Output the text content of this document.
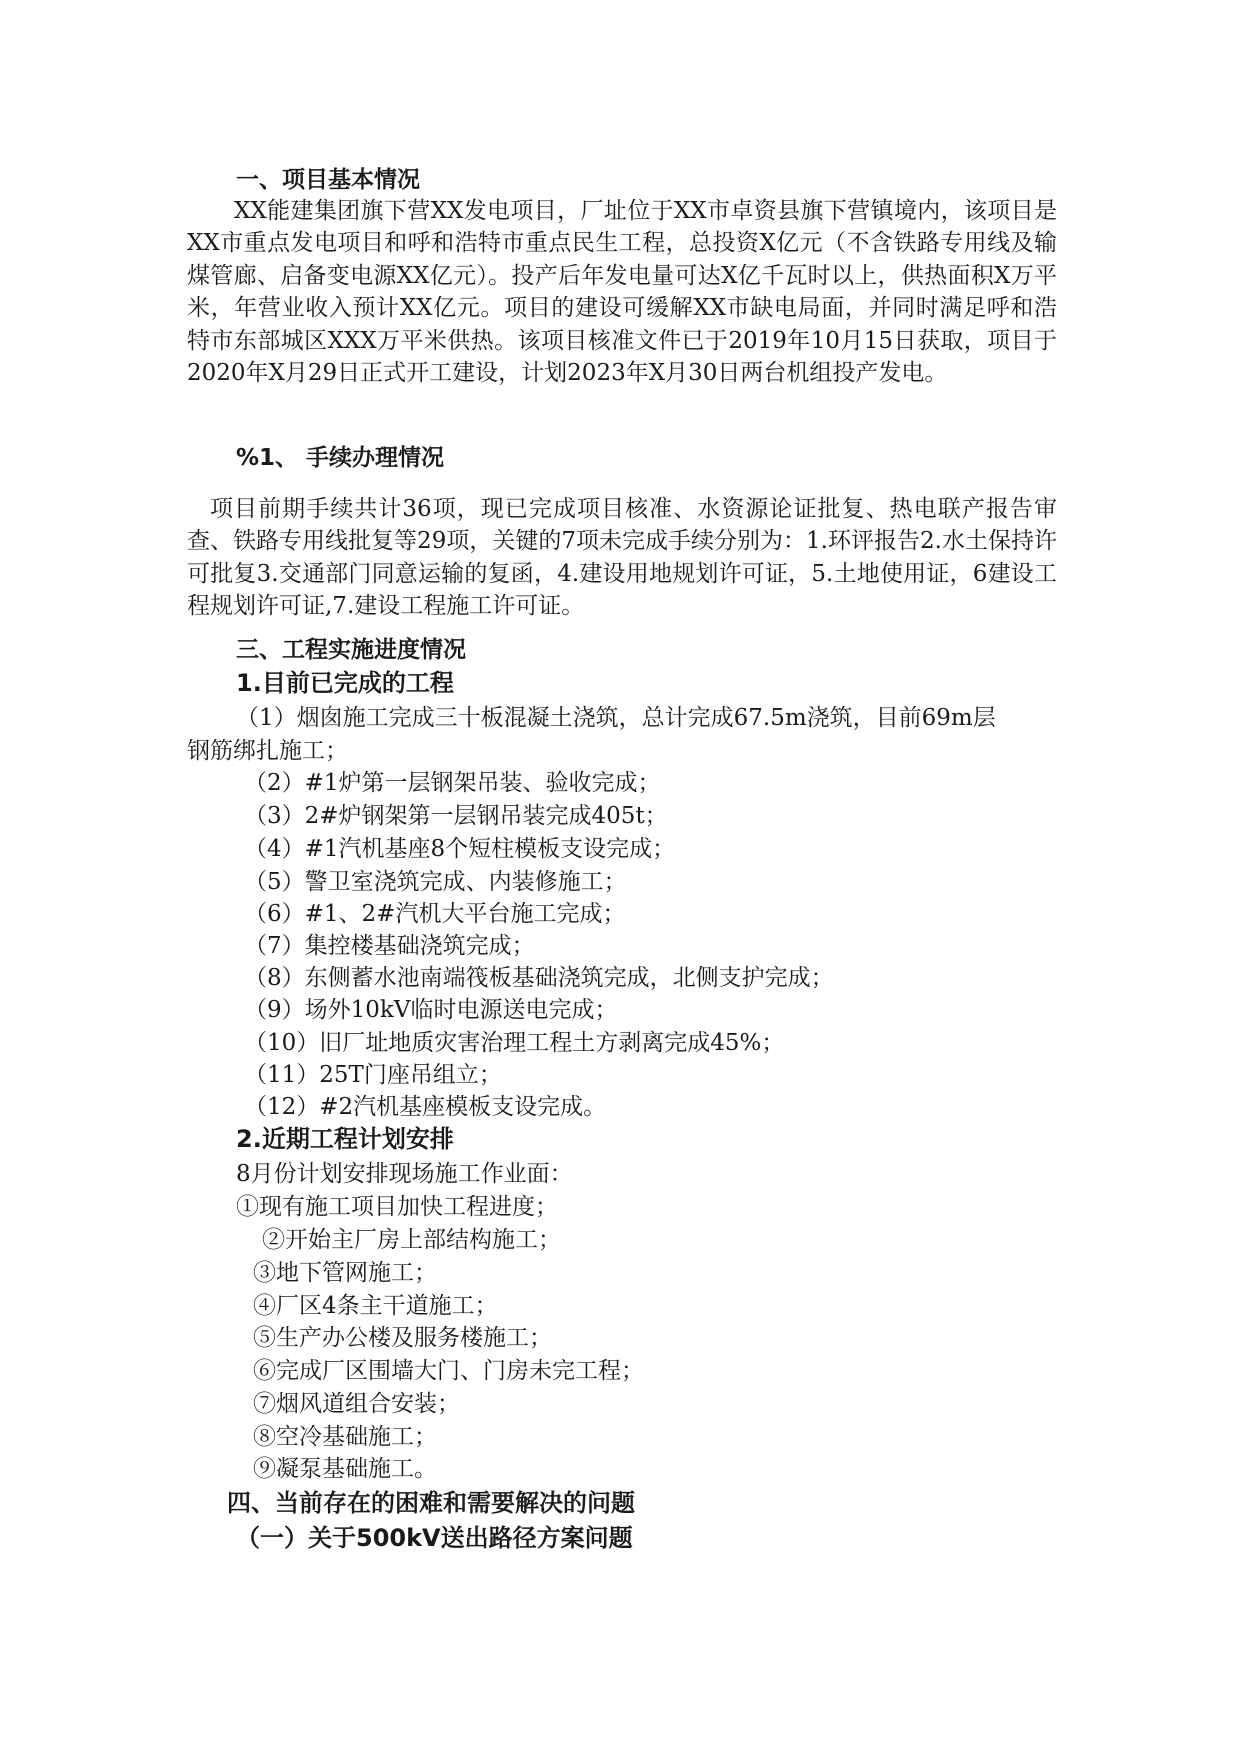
一、项目基本情况
XX能建集团旗下营XX发电项目，厂址位于XX市卓资县旗下营镇境内，该项目是XX市重点发电项目和呼和浩特市重点民生工程，总投资X亿元（不含铁路专用线及输煤管廊、启备变电源XX亿元）。投产后年发电量可达X亿千瓦时以上，供热面积X万平米，年营业收入预计XX亿元。项目的建设可缓解XX市缺电局面，并同时满足呼和浩特市东部城区XXX万平米供热。该项目核准文件已于2019年10月15日获取，项目于2020年X月29日正式开工建设，计划2023年X月30日两台机组投产发电。
%1、 手续办理情况
项目前期手续共计36项，现已完成项目核准、水资源论证批复、热电联产报告审查、铁路专用线批复等29项，关键的7项未完成手续分别为：1.环评报告2.水土保持许可批复3.交通部门同意运输的复函，4.建设用地规划许可证，5.土地使用证，6建设工程规划许可证,7.建设工程施工许可证。
三、工程实施进度情况
1.目前已完成的工程
（1）烟囱施工完成三十板混凝土浇筑，总计完成67.5m浇筑，目前69m层
钢筋绑扎施工；
（2）#1炉第一层钢架吊装、验收完成；
（3）2#炉钢架第一层钢吊装完成405t；
（4）#1汽机基座8个短柱模板支设完成；
（5）警卫室浇筑完成、内装修施工；
（6）#1、2#汽机大平台施工完成；
（7）集控楼基础浇筑完成；
（8）东侧蓄水池南端筏板基础浇筑完成，北侧支护完成；
（9）场外10kV临时电源送电完成；
（10）旧厂址地质灾害治理工程土方剥离完成45%；
（11）25T门座吊组立；
（12）#2汽机基座模板支设完成。
2.近期工程计划安排
8月份计划安排现场施工作业面：
①现有施工项目加快工程进度；
②开始主厂房上部结构施工；
③地下管网施工；
④厂区4条主干道施工；
⑤生产办公楼及服务楼施工；
⑥完成厂区围墙大门、门房未完工程；
⑦烟风道组合安装；
⑧空冷基础施工；
⑨凝泵基础施工。
四、当前存在的困难和需要解决的问题
（一）关于500kV送出路径方案问题
